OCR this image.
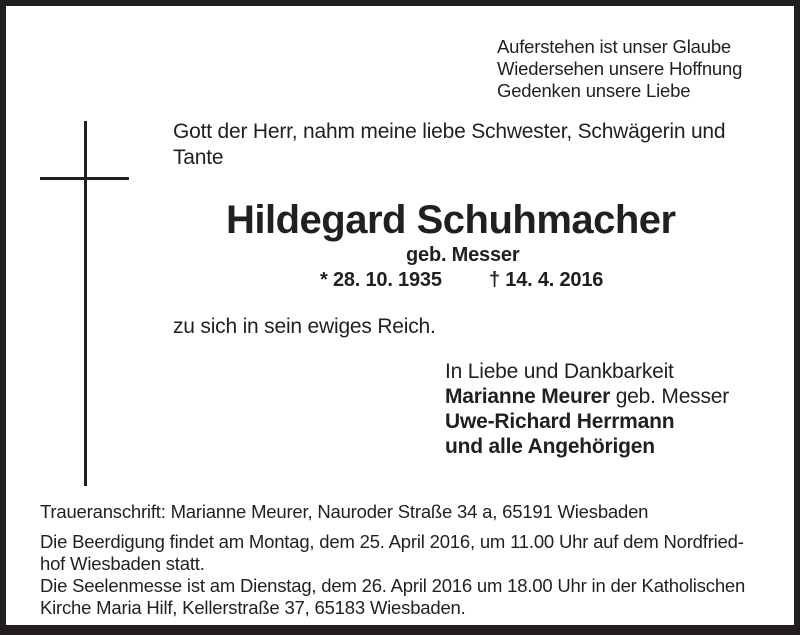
Auferstehen ist unser Glaube
Wiedersehen unsere Hoffnung
Gedenken unsere Liebe
Gott der Herr, nahm meine liebe Schwester, Schwägerin und
Tante
Hildegard Schuhmacher
geb. Messer
* 28. 10. 1935 † 14. 4. 2016
zu sich in sein ewiges Reich.
In Liebe und Dankbarkeit
Marianne Meurer geb. Messer
Uwe-Richard Herrmann
und alle Angehörigen
Traueranschrift: Marianne Meurer, Nauroder Straße 34 a, 65191 Wiesbaden
Die Beerdigung findet am Montag, dem 25. April 2016, um 11.00 Uhr auf dem Nordfried-
hof Wiesbaden statt.
Die Seelenmesse ist am Dienstag, dem 26. April 2016 um 18.00 Uhr in der Katholischen
Kirche Maria Hilf, Kellerstraße 37, 65183 Wiesbaden.
